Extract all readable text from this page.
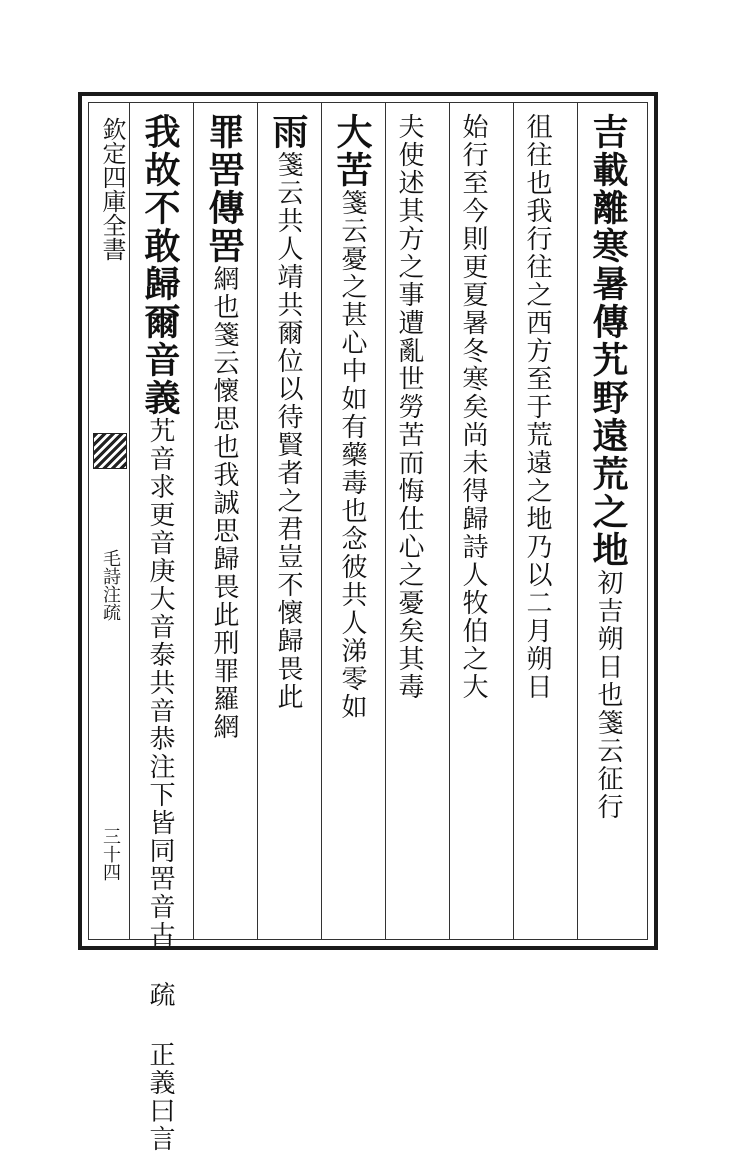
欽定四庫全書
毛詩注疏
三十四
我故不敢歸爾音義艽音求更音庚大音泰共音恭注下皆同罟音古 疏 正義曰言
罪罟傳罟網也箋云懷思也我誠思歸畏此刑罪羅網
雨箋云共人靖共爾位以待賢者之君豈不懷歸畏此 大苦箋云憂之甚心中如有藥毒也念彼共人涕零如	夫使述其方之事遭亂世勞苦而悔仕心之憂矣其毒 始行至今則更夏暑冬寒矣尚未得歸詩人牧伯之大 徂往也我行往之西方至于荒遠之地乃以二月朔日 吉載離寒暑傳艽野遠荒之地初吉朔日也箋云征行
